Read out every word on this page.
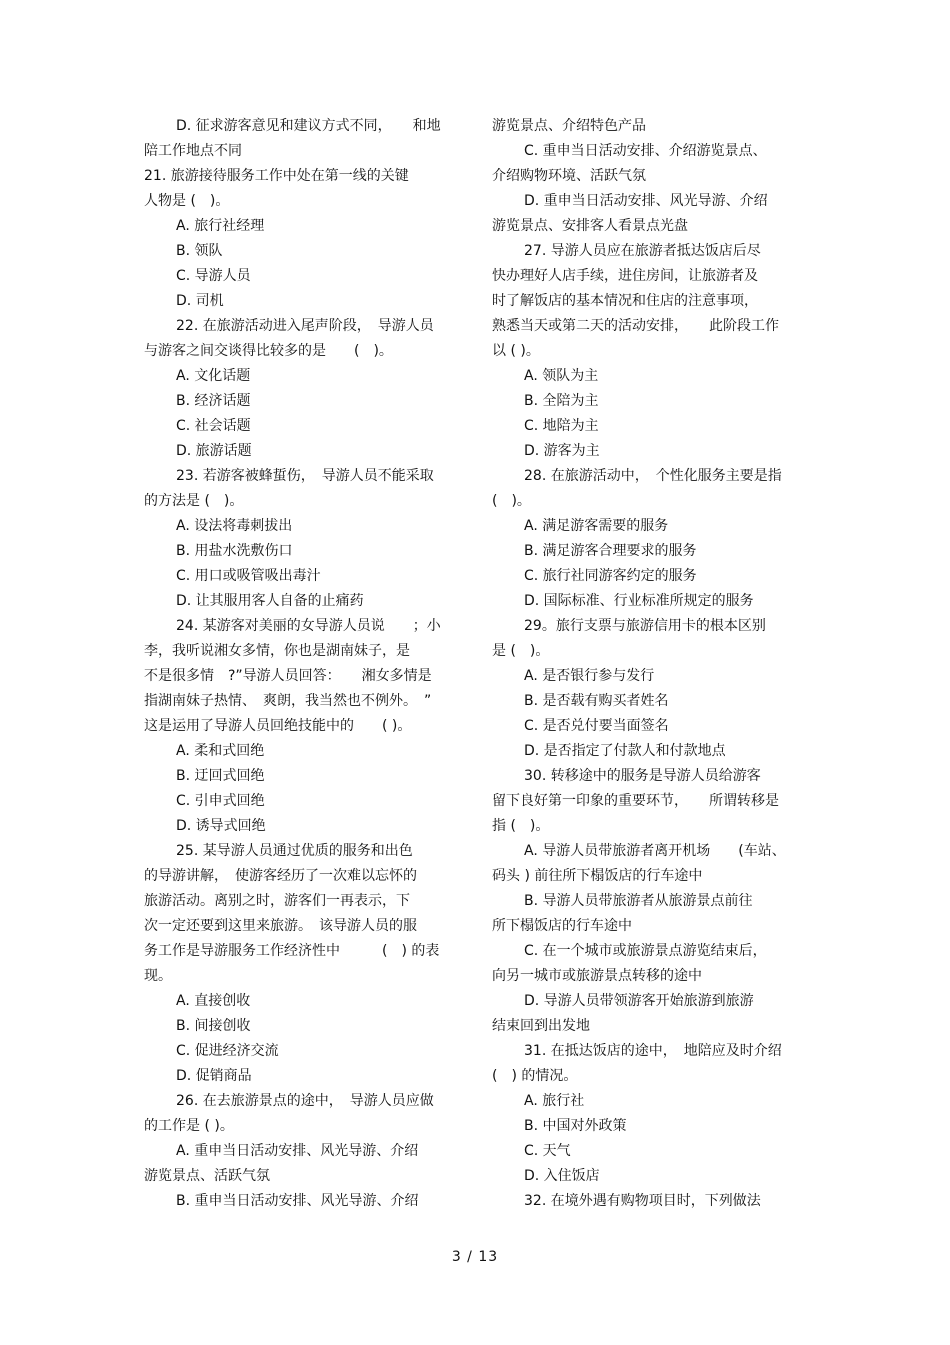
D. 征求游客意见和建议方式不同，　　和地
陪工作地点不同
21. 旅游接待服务工作中处在第一线的关键
人物是 (　)。
A. 旅行社经理
B. 领队
C. 导游人员
D. 司机
22. 在旅游活动进入尾声阶段，　导游人员
与游客之间交谈得比较多的是　　(　)。
A. 文化话题
B. 经济话题
C. 社会话题
D. 旅游话题
23. 若游客被蜂蜇伤，　导游人员不能采取
的方法是 (　)。
A. 设法将毒刺拔出
B. 用盐水洗敷伤口
C. 用口或吸管吸出毒汁
D. 让其服用客人自备的止痛药
24. 某游客对美丽的女导游人员说　　；小
李，我听说湘女多情，你也是湖南妹子，是
不是很多情　?”导游人员回答：　　湘女多情是
指湖南妹子热情、　爽朗，我当然也不例外。　”
这是运用了导游人员回绝技能中的　　( )。
A. 柔和式回绝
B. 迂回式回绝
C. 引申式回绝
D. 诱导式回绝
25. 某导游人员通过优质的服务和出色
的导游讲解，　使游客经历了一次难以忘怀的
旅游活动。离别之时，游客们一再表示，下
次一定还要到这里来旅游。　该导游人员的服
务工作是导游服务工作经济性中　　　(　) 的表
现。
A. 直接创收
B. 间接创收
C. 促进经济交流
D. 促销商品
26. 在去旅游景点的途中，　导游人员应做
的工作是 ( )。
A. 重申当日活动安排、风光导游、介绍
游览景点、活跃气氛
B. 重申当日活动安排、风光导游、介绍
游览景点、介绍特色产品
C. 重申当日活动安排、介绍游览景点、
介绍购物环境、活跃气氛
D. 重申当日活动安排、风光导游、介绍
游览景点、安排客人看景点光盘
27. 导游人员应在旅游者抵达饭店后尽
快办理好人店手续，进住房间，让旅游者及
时了解饭店的基本情况和住店的注意事项，
熟悉当天或第二天的活动安排，　　此阶段工作
以 ( )。
A. 领队为主
B. 全陪为主
C. 地陪为主
D. 游客为主
28. 在旅游活动中，　个性化服务主要是指
(　)。
A. 满足游客需要的服务
B. 满足游客合理要求的服务
C. 旅行社同游客约定的服务
D. 国际标准、行业标准所规定的服务
29。旅行支票与旅游信用卡的根本区别
是 (　)。
A. 是否银行参与发行
B. 是否载有购买者姓名
C. 是否兑付要当面签名
D. 是否指定了付款人和付款地点
30. 转移途中的服务是导游人员给游客
留下良好第一印象的重要环节，　　所谓转移是
指 (　)。
A. 导游人员带旅游者离开机场　　(车站、
码头 ) 前往所下榻饭店的行车途中
B. 导游人员带旅游者从旅游景点前往
所下榻饭店的行车途中
C. 在一个城市或旅游景点游览结束后，
向另一城市或旅游景点转移的途中
D. 导游人员带领游客开始旅游到旅游
结束回到出发地
31. 在抵达饭店的途中，　地陪应及时介绍
(　) 的情况。
A. 旅行社
B. 中国对外政策
C. 天气
D. 入住饭店
32. 在境外遇有购物项目时，下列做法
3 / 13
